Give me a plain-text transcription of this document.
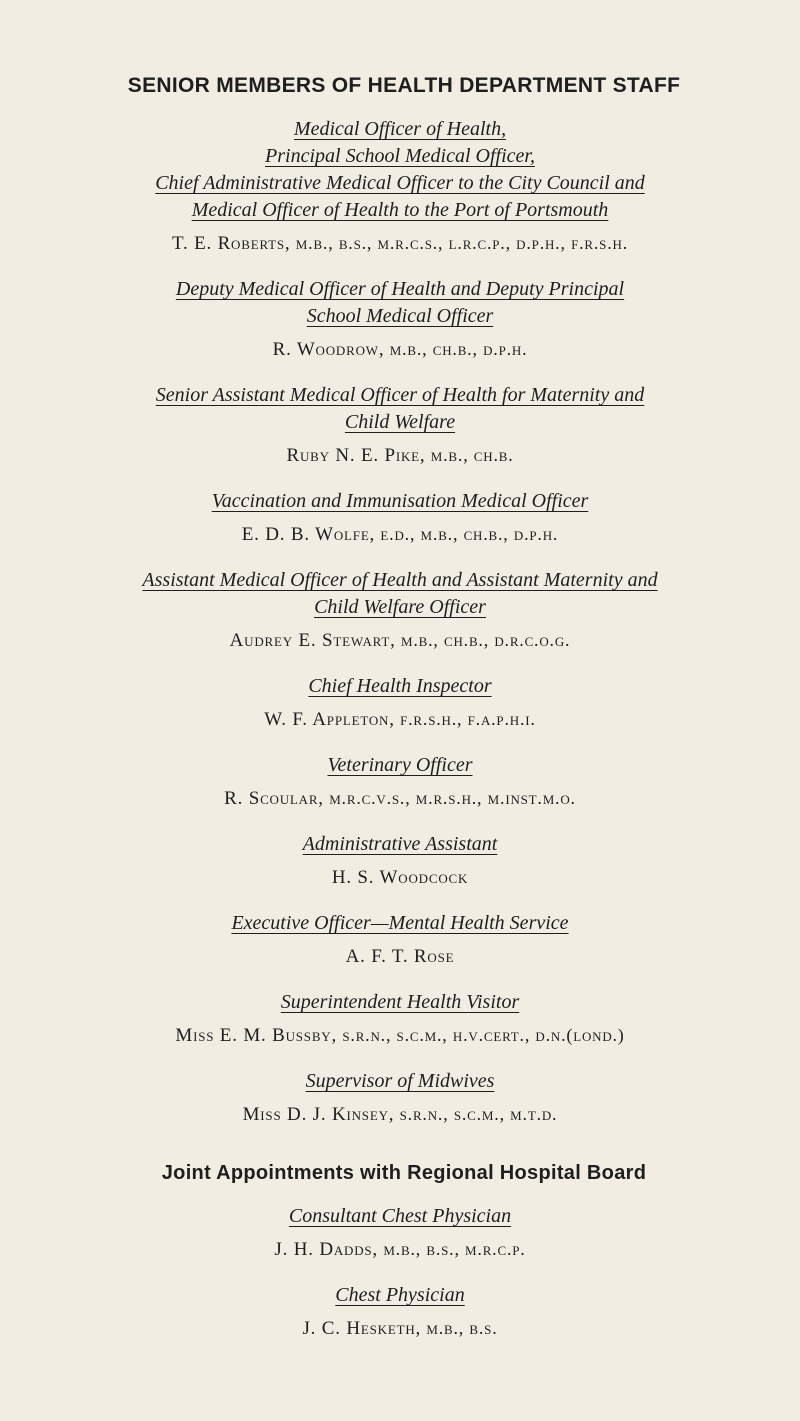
SENIOR MEMBERS OF HEALTH DEPARTMENT STAFF
Medical Officer of Health,
Principal School Medical Officer,
Chief Administrative Medical Officer to the City Council and
Medical Officer of Health to the Port of Portsmouth
T. E. Roberts, m.b., b.s., m.r.c.s., l.r.c.p., d.p.h., f.r.s.h.
Deputy Medical Officer of Health and Deputy Principal
School Medical Officer
R. Woodrow, m.b., ch.b., d.p.h.
Senior Assistant Medical Officer of Health for Maternity and
Child Welfare
Ruby N. E. Pike, m.b., ch.b.
Vaccination and Immunisation Medical Officer
E. D. B. Wolfe, e.d., m.b., ch.b., d.p.h.
Assistant Medical Officer of Health and Assistant Maternity and
Child Welfare Officer
Audrey E. Stewart, m.b., ch.b., d.r.c.o.g.
Chief Health Inspector
W. F. Appleton, f.r.s.h., f.a.p.h.i.
Veterinary Officer
R. Scoular, m.r.c.v.s., m.r.s.h., m.inst.m.o.
Administrative Assistant
H. S. Woodcock
Executive Officer—Mental Health Service
A. F. T. Rose
Superintendent Health Visitor
Miss E. M. Bussby, s.r.n., s.c.m., h.v.cert., d.n.(lond.)
Supervisor of Midwives
Miss D. J. Kinsey, s.r.n., s.c.m., m.t.d.
Joint Appointments with Regional Hospital Board
Consultant Chest Physician
J. H. Dadds, m.b., b.s., m.r.c.p.
Chest Physician
J. C. Hesketh, m.b., b.s.
